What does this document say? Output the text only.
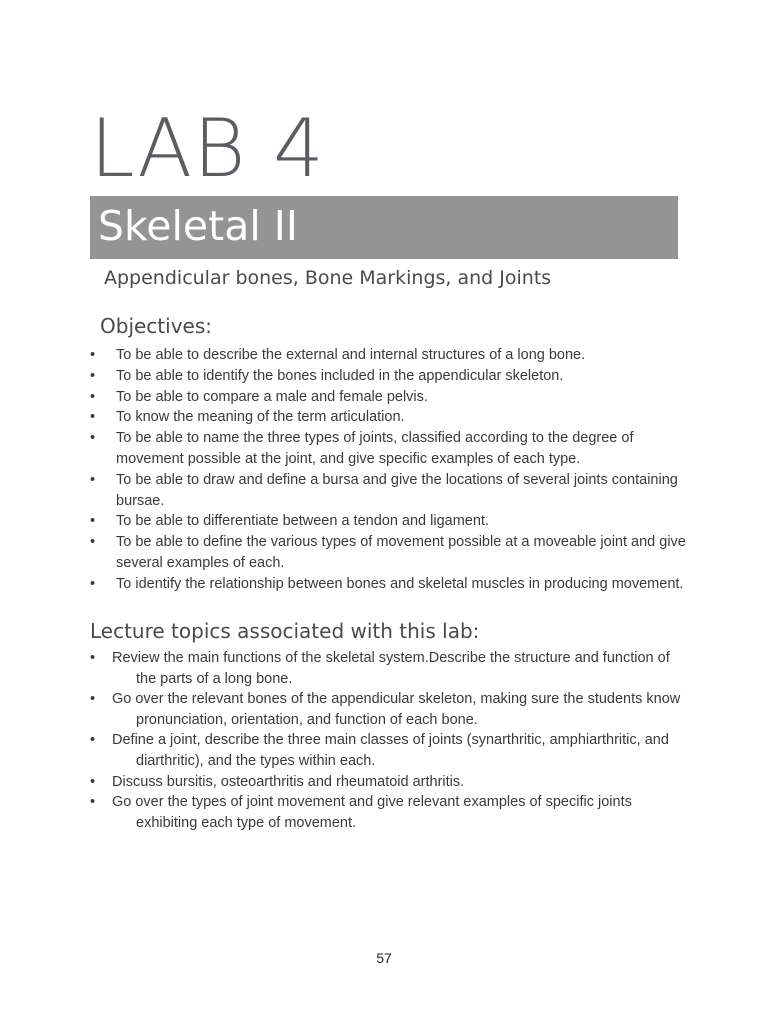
LAB 4
Skeletal II
Appendicular bones, Bone Markings, and Joints
Objectives:
• To be able to describe the external and internal structures of a long bone.
• To be able to identify the bones included in the appendicular skeleton.
• To be able to compare a male and female pelvis.
• To know the meaning of the term articulation.
• To be able to name the three types of joints, classified according to the degree of movement possible at the joint, and give specific examples of each type.
• To be able to draw and define a bursa and give the locations of several joints containing bursae.
• To be able to differentiate between a tendon and ligament.
• To be able to define the various types of movement possible at a moveable joint and give several examples of each.
• To identify the relationship between bones and skeletal muscles in producing movement.
Lecture topics associated with this lab:
• Review the main functions of the skeletal system.Describe the structure and function of the parts of a long bone.
• Go over the relevant bones of the appendicular skeleton, making sure the students know pronunciation, orientation, and function of each bone.
• Define a joint, describe the three main classes of joints (synarthritic, amphiarthritic, and diarthritic), and the types within each.
• Discuss bursitis, osteoarthritis and rheumatoid arthritis.
• Go over the types of joint movement and give relevant examples of specific joints exhibiting each type of movement.
57
